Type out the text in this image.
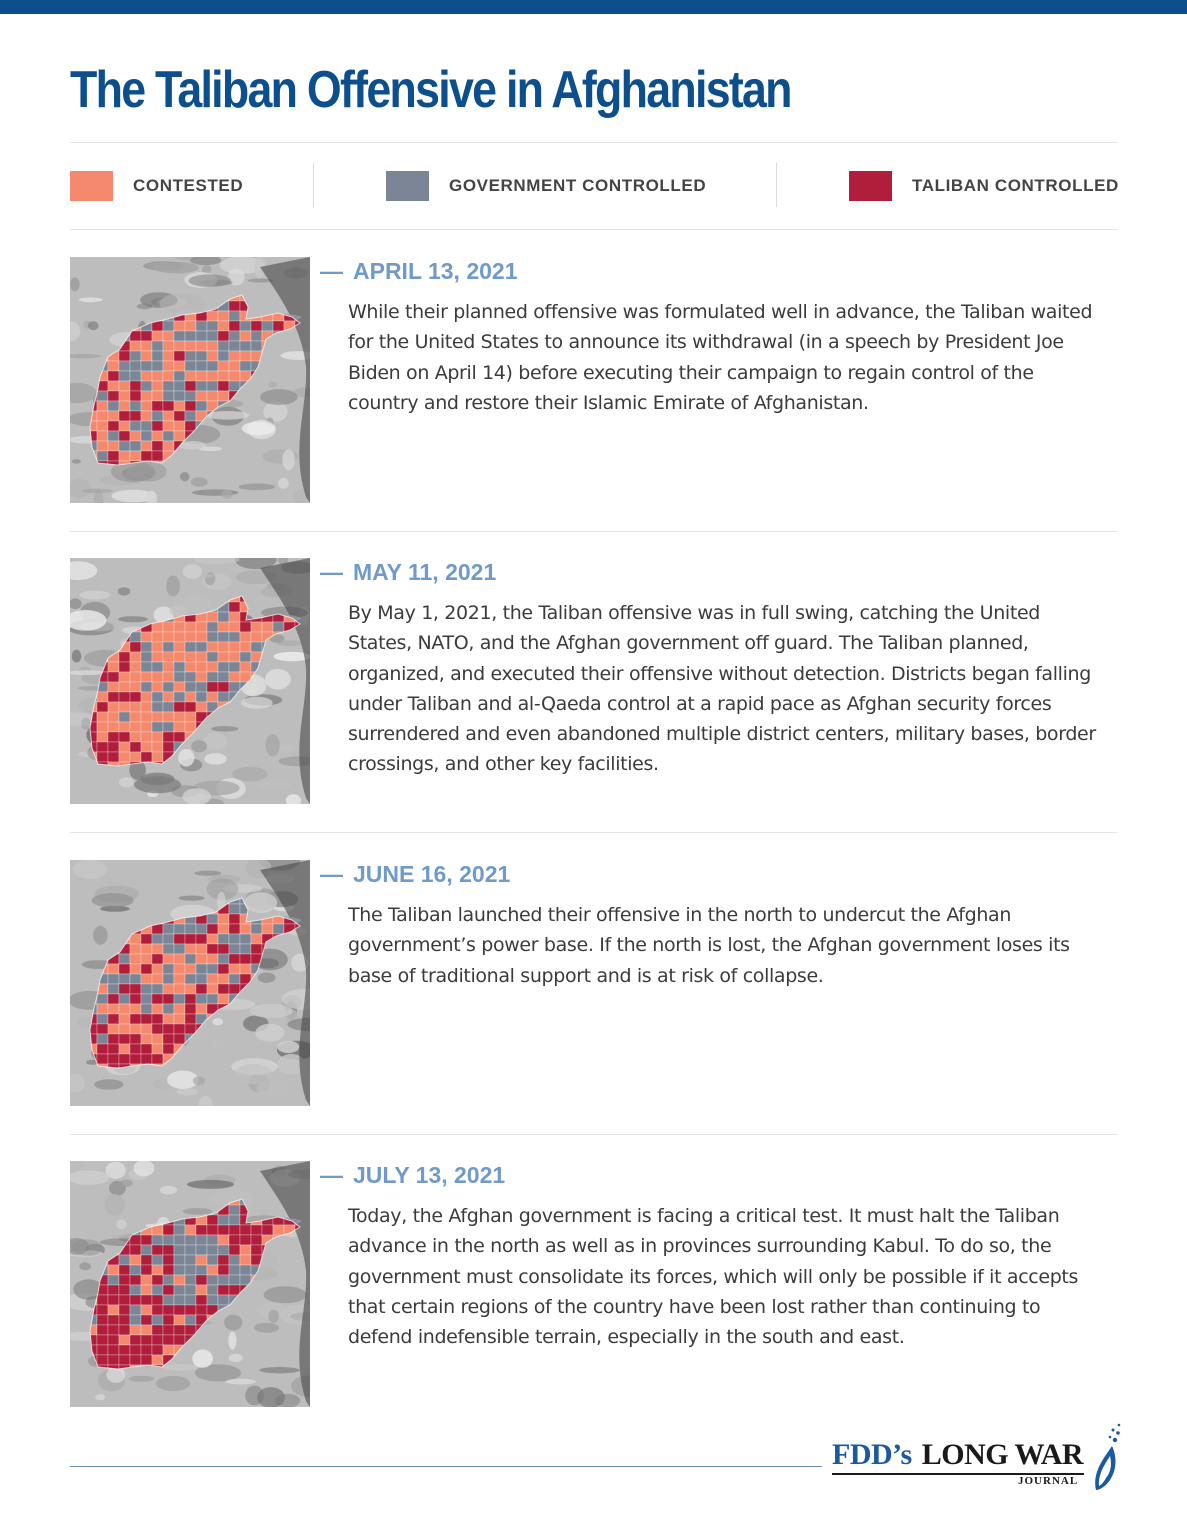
The Taliban Offensive in Afghanistan
CONTESTED	GOVERNMENT CONTROLLED	TALIBAN CONTROLLED
— APRIL 13, 2021

While their planned offensive was formulated well in advance, the Taliban waited for the United States to announce its withdrawal (in a speech by President Joe Biden on April 14) before executing their campaign to regain control of the country and restore their Islamic Emirate of Afghanistan.

— MAY 11, 2021

By May 1, 2021, the Taliban offensive was in full swing, catching the United States, NATO, and the Afghan government off guard. The Taliban planned, organized, and executed their offensive without detection. Districts began falling under Taliban and al-Qaeda control at a rapid pace as Afghan security forces surrendered and even abandoned multiple district centers, military bases, border crossings, and other key facilities.

— JUNE 16, 2021

The Taliban launched their offensive in the north to undercut the Afghan government’s power base. If the north is lost, the Afghan government loses its base of traditional support and is at risk of collapse.

— JULY 13, 2021

Today, the Afghan government is facing a critical test. It must halt the Taliban advance in the north as well as in provinces surrounding Kabul. To do so, the government must consolidate its forces, which will only be possible if it accepts that certain regions of the country have been lost rather than continuing to defend indefensible terrain, especially in the south and east.

FDD’s LONG WAR

JOURNAL
